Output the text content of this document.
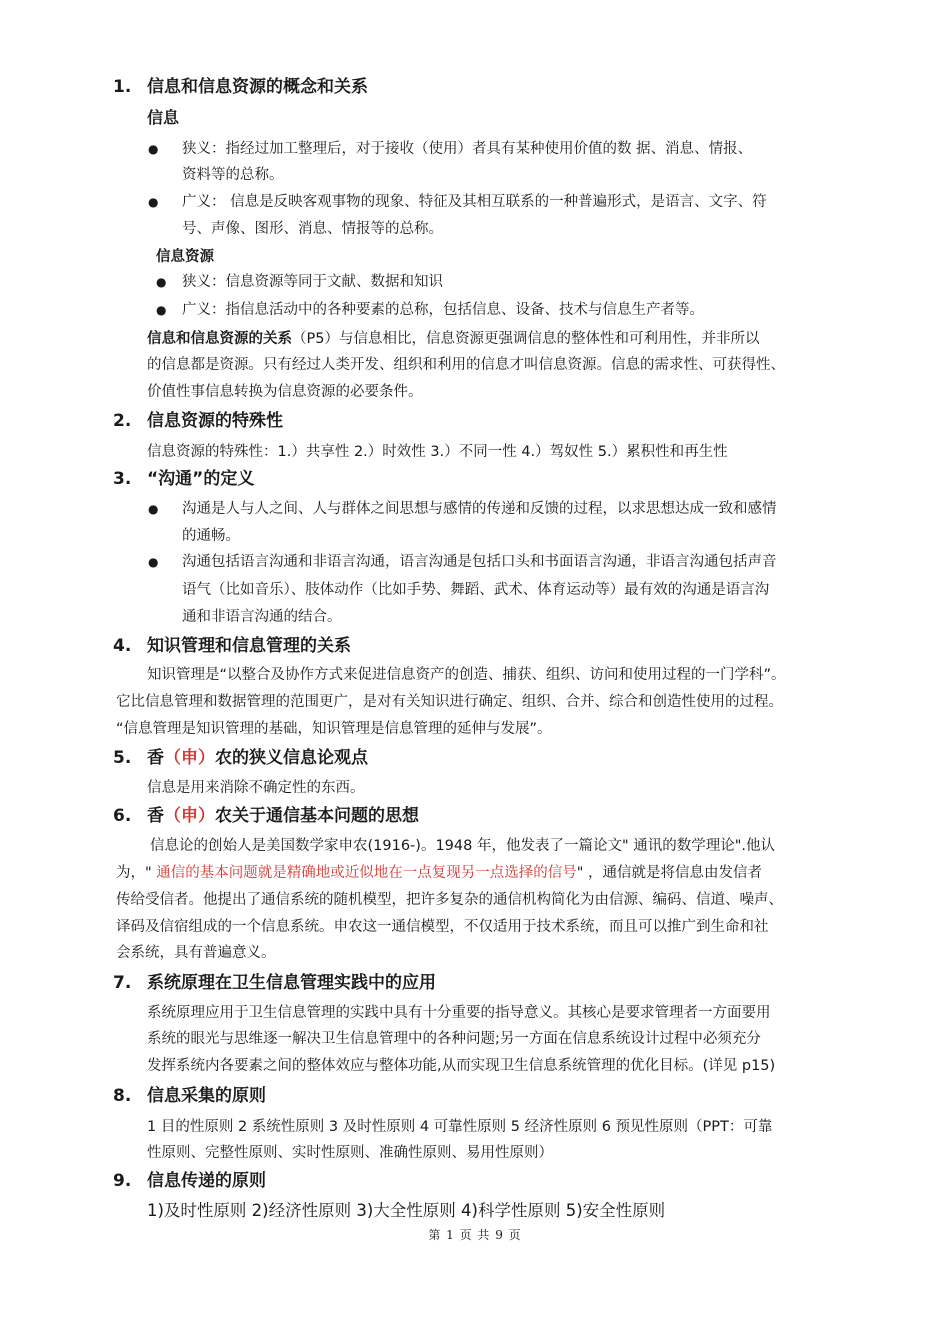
1. 信息和信息资源的概念和关系
信息
● 狭义：指经过加工整理后，对于接收（使用）者具有某种使用价值的数 据、消息、情报、
资料等的总称。
● 广义： 信息是反映客观事物的现象、特征及其相互联系的一种普遍形式，是语言、文字、符
号、声像、图形、消息、情报等的总称。
信息资源
● 狭义：信息资源等同于文献、数据和知识
● 广义：指信息活动中的各种要素的总称，包括信息、设备、技术与信息生产者等。
信息和信息资源的关系（P5）与信息相比，信息资源更强调信息的整体性和可利用性，并非所以
的信息都是资源。只有经过人类开发、组织和利用的信息才叫信息资源。信息的需求性、可获得性、
价值性事信息转换为信息资源的必要条件。
2. 信息资源的特殊性
信息资源的特殊性：1.）共享性 2.）时效性 3.）不同一性 4.）驾奴性 5.）累积性和再生性
3. “沟通”的定义
● 沟通是人与人之间、人与群体之间思想与感情的传递和反馈的过程，以求思想达成一致和感情
的通畅。
● 沟通包括语言沟通和非语言沟通，语言沟通是包括口头和书面语言沟通，非语言沟通包括声音
语气（比如音乐）、肢体动作（比如手势、舞蹈、武术、体育运动等）最有效的沟通是语言沟
通和非语言沟通的结合。
4. 知识管理和信息管理的关系
知识管理是“以整合及协作方式来促进信息资产的创造、捕获、组织、访问和使用过程的一门学科”。
它比信息管理和数据管理的范围更广，是对有关知识进行确定、组织、合并、综合和创造性使用的过程。
“信息管理是知识管理的基础，知识管理是信息管理的延伸与发展”。
5. 香（申）农的狭义信息论观点
信息是用来消除不确定性的东西。
6. 香（申）农关于通信基本问题的思想
信息论的创始人是美国数学家申农(1916-)。1948 年，他发表了一篇论文" 通讯的数学理论".他认
为，" 通信的基本问题就是精确地或近似地在一点复现另一点选择的信号" ，通信就是将信息由发信者
传给受信者。他提出了通信系统的随机模型，把许多复杂的通信机构简化为由信源、编码、信道、噪声、
译码及信宿组成的一个信息系统。申农这一通信模型，不仅适用于技术系统，而且可以推广到生命和社
会系统，具有普遍意义。
7. 系统原理在卫生信息管理实践中的应用
系统原理应用于卫生信息管理的实践中具有十分重要的指导意义。其核心是要求管理者一方面要用
系统的眼光与思维逐一解决卫生信息管理中的各种问题;另一方面在信息系统设计过程中必须充分
发挥系统内各要素之间的整体效应与整体功能,从而实现卫生信息系统管理的优化目标。(详见 p15)
8. 信息采集的原则
1 目的性原则 2 系统性原则 3 及时性原则 4 可靠性原则 5 经济性原则 6 预见性原则（PPT：可靠
性原则、完整性原则、实时性原则、准确性原则、易用性原则）
9. 信息传递的原则
1)及时性原则 2)经济性原则 3)大全性原则 4)科学性原则 5)安全性原则
第 1 页 共 9 页
